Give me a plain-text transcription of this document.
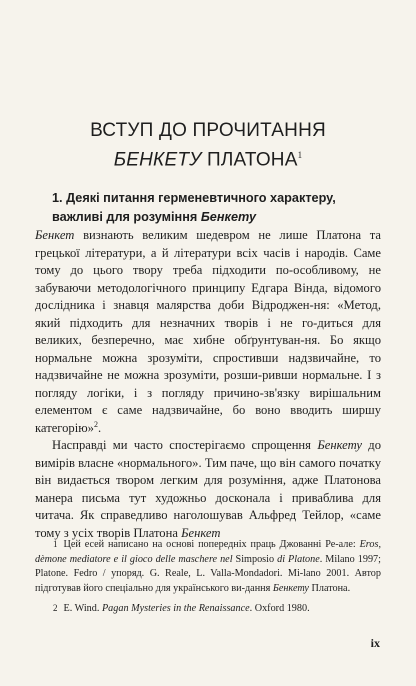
ВСТУП ДО ПРОЧИТАННЯ
БЕНКЕТУ ПЛАТОНА$^1$
1. Деякі питання герменевтичного характеру,
важливі для розуміння Бенкету

Бенкет визнають великим шедевром не лише Платона та грецької літератури, а й літератури всіх часів і народів. Саме тому до цього твору треба підходити по-особливому, не забуваючи методологічного принципу Едгара Вінда, відомого дослідника і знавця малярства доби Відроджен-ня: «Метод, який підходить для незначних творів і не го-диться для великих, безперечно, має хибне обґрунтуван-ня. Бо якщо нормальне можна зрозуміти, спростивши надзвичайне, то надзвичайне не можна зрозуміти, розши-ривши нормальне. І з погляду логіки, і з погляду причино-зв'язку вирішальним елементом є саме надзвичайне, бо воно вводить ширшу категорію»$^2$.

Насправді ми часто спостерігаємо спрощення Бенкету до вимірів власне «нормального». Тим паче, що він самого початку він видається твором легким для розуміння, адже Платонова манера письма тут художньо досконала і приваблива для читача. Як справедливо наголошував Альфред Тейлор, «саме тому з усіх творів Платона Бенкет

1 Цей есей написано на основі попередніх праць Джованні Ре-але: Eros, dèmone mediatore e il gioco delle maschere nel Simposio di Platone. Milano 1997; Platone. Fedro / упоряд. G. Reale, L. Valla-Mondadori. Mi-lano 2001. Автор підготував його спеціально для українського ви-дання Бенкету Платона.

2 E. Wind. Pagan Mysteries in the Renaissance. Oxford 1980.

ix
